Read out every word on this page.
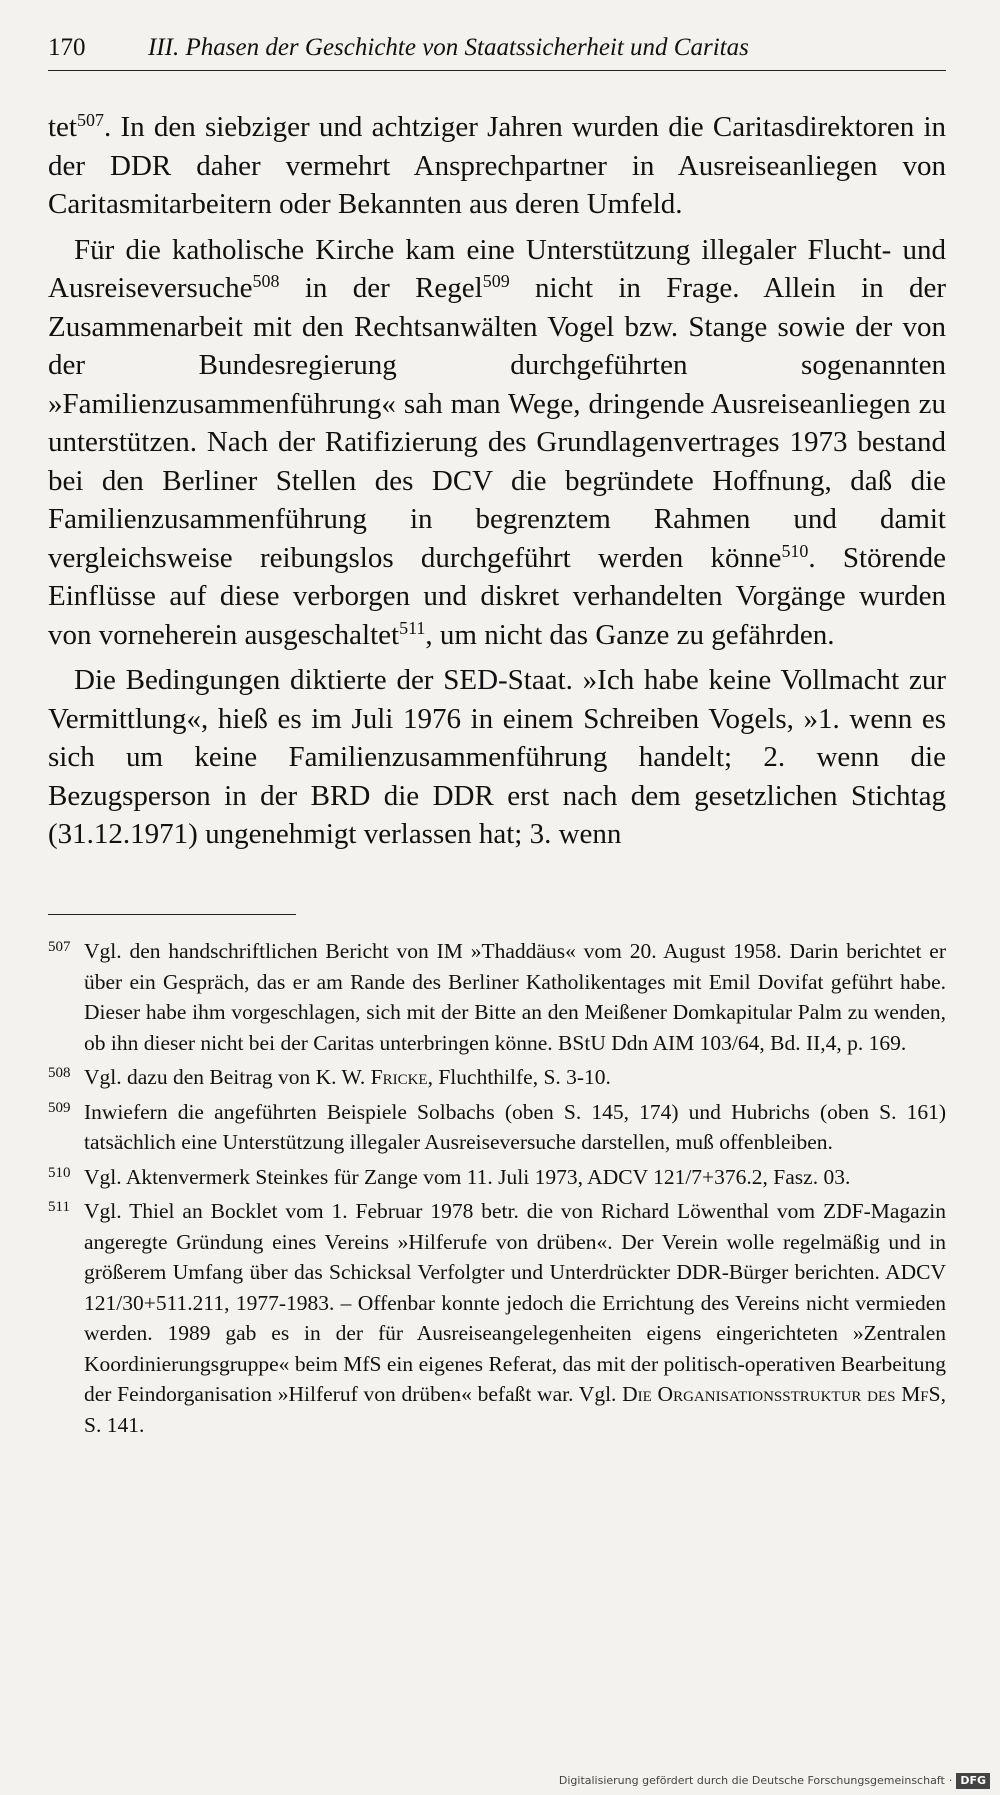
170	III. Phasen der Geschichte von Staatssicherheit und Caritas

tet$^{507}$. In den siebziger und achtziger Jahren wurden die Caritasdirektoren in der DDR daher vermehrt Ansprechpartner in Ausreiseanliegen von Caritasmitarbeitern oder Bekannten aus deren Umfeld.

Für die katholische Kirche kam eine Unterstützung illegaler Flucht- und Ausreiseversuche$^{508}$ in der Regel$^{509}$ nicht in Frage. Allein in der Zusammenarbeit mit den Rechtsanwälten Vogel bzw. Stange sowie der von der Bundesregierung durchgeführten sogenannten »Familienzusammenführung« sah man Wege, dringende Ausreiseanliegen zu unterstützen. Nach der Ratifizierung des Grundlagenvertrages 1973 bestand bei den Berliner Stellen des DCV die begründete Hoffnung, daß die Familienzusammenführung in begrenztem Rahmen und damit vergleichsweise reibungslos durchgeführt werden könne$^{510}$. Störende Einflüsse auf diese verborgen und diskret verhandelten Vorgänge wurden von vorneherein ausgeschaltet$^{511}$, um nicht das Ganze zu gefährden.

Die Bedingungen diktierte der SED-Staat. »Ich habe keine Vollmacht zur Vermittlung«, hieß es im Juli 1976 in einem Schreiben Vogels, »1. wenn es sich um keine Familienzusammenführung handelt; 2. wenn die Bezugsperson in der BRD die DDR erst nach dem gesetzlichen Stichtag (31.12.1971) ungenehmigt verlassen hat; 3. wenn

507 Vgl. den handschriftlichen Bericht von IM »Thaddäus« vom 20. August 1958. Darin berichtet er über ein Gespräch, das er am Rande des Berliner Katholikentages mit Emil Dovifat geführt habe. Dieser habe ihm vorgeschlagen, sich mit der Bitte an den Meißener Domkapitular Palm zu wenden, ob ihn dieser nicht bei der Caritas unterbringen könne. BStU Ddn AIM 103/64, Bd. II,4, p. 169.
508 Vgl. dazu den Beitrag von K. W. Fricke, Fluchthilfe, S. 3-10.
509 Inwiefern die angeführten Beispiele Solbachs (oben S. 145, 174) und Hubrichs (oben S. 161) tatsächlich eine Unterstützung illegaler Ausreiseversuche darstellen, muß offenbleiben.
510 Vgl. Aktenvermerk Steinkes für Zange vom 11. Juli 1973, ADCV 121/7+376.2, Fasz. 03.
511 Vgl. Thiel an Bocklet vom 1. Februar 1978 betr. die von Richard Löwenthal vom ZDF-Magazin angeregte Gründung eines Vereins »Hilferufe von drüben«. Der Verein wolle regelmäßig und in größerem Umfang über das Schicksal Verfolgter und Unterdrückter DDR-Bürger berichten. ADCV 121/30+511.211, 1977-1983. – Offenbar konnte jedoch die Errichtung des Vereins nicht vermieden werden. 1989 gab es in der für Ausreiseangelegenheiten eigens eingerichteten »Zentralen Koordinierungsgruppe« beim MfS ein eigenes Referat, das mit der politisch-operativen Bearbeitung der Feindorganisation »Hilferuf von drüben« befaßt war. Vgl. Die Organisationsstruktur des MfS, S. 141.
Digitalisierung gefördert durch die Deutsche Forschungsgemeinschaft · DFG
